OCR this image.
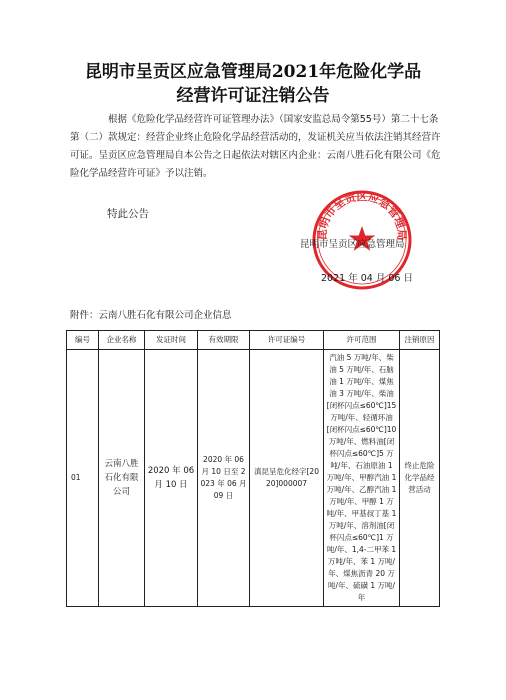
昆明市呈贡区应急管理局2021年危险化学品
经营许可证注销公告
根据《危险化学品经营许可证管理办法》（国家安监总局令第55号）第二十七条第（二）款规定：经营企业终止危险化学品经营活动的，发证机关应当依法注销其经营许可证。呈贡区应急管理局自本公告之日起依法对辖区内企业：云南八胜石化有限公司《危险化学品经营许可证》予以注销。
特此公告
昆明市呈贡区应急管理局
昆明市呈贡区应急管理局
2021 年 04 月 06 日
附件：云南八胜石化有限公司企业信息
编号	企业名称	发证时间	有效期限	许可证编号	许可范围	注销原因
01	云南八胜石化有限公司	2020 年 06 月 10 日	2020 年 06 月 10 日至 2023 年 06 月 09 日	滇昆呈危化经字[2020]000007	汽油 5 万吨/年、柴油 5 万吨/年、石脑油 1 万吨/年、煤焦油 3 万吨/年、柴油[闭杯闪点≤60℃]15 万吨/年、轻循环油[闭杯闪点≤60℃]10 万吨/年、燃料油[闭杯闪点≤60℃]5 万吨/年、石油原油 1 万吨/年、甲醇汽油 1 万吨/年、乙醇汽油 1 万吨/年、甲醇 1 万吨/年、甲基叔丁基 1 万吨/年、溶剂油[闭杯闪点≤60℃]1 万吨/年、1,4-二甲苯 1 万吨/年、苯 1 万吨/年、煤焦沥青 20 万吨/年、硫磺 1 万吨/年	终止危险化学品经营活动
